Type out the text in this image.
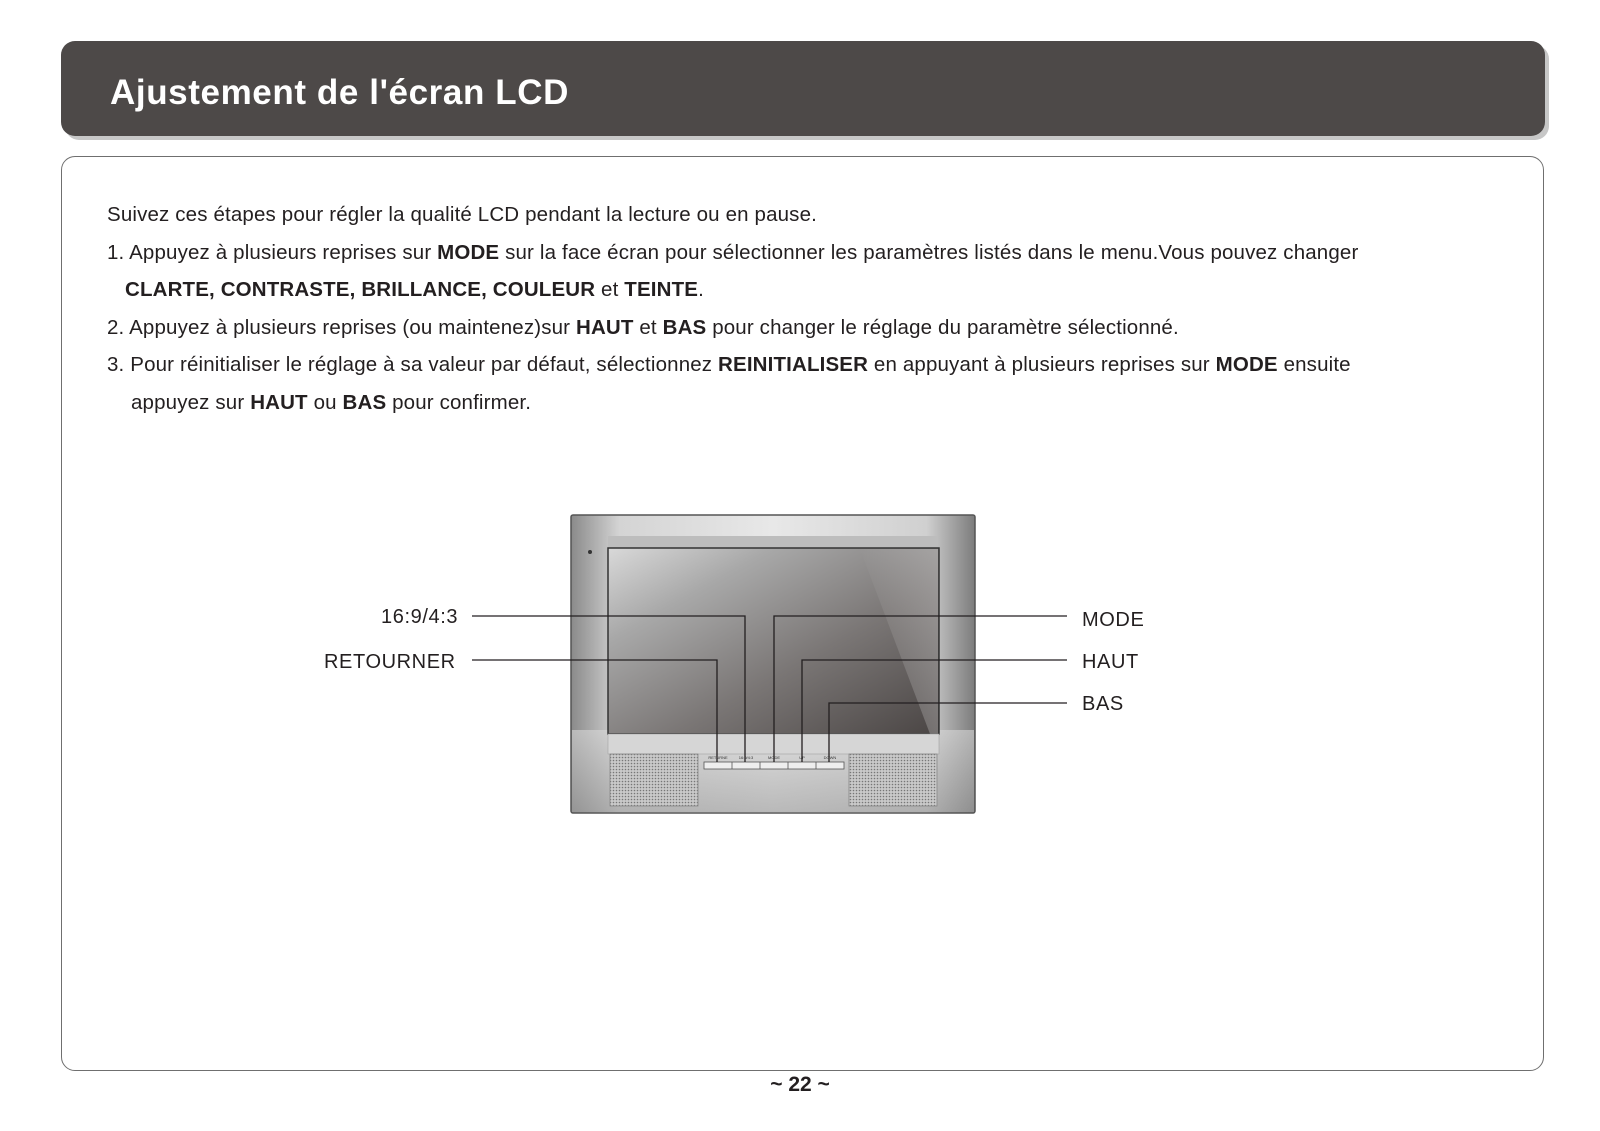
Ajustement de l'écran LCD

Suivez ces étapes pour régler la qualité LCD pendant la lecture ou en pause.

1. Appuyez à plusieurs reprises sur MODE sur la face écran pour sélectionner les paramètres listés dans le menu.Vous pouvez changer

CLARTE, CONTRASTE, BRILLANCE, COULEUR et TEINTE.

2. Appuyez à plusieurs reprises (ou maintenez)sur HAUT et BAS pour changer le réglage du paramètre sélectionné.

3. Pour réinitialiser le réglage à sa valeur par défaut, sélectionnez REINITIALISER en appuyant à plusieurs reprises sur MODE ensuite

appuyez sur HAUT ou BAS pour confirmer.

RETURNE	16:9/4:3	MODE	UP	DOWN
16:9/4:3
RETOURNER
MODE
HAUT
BAS
~ 22 ~
